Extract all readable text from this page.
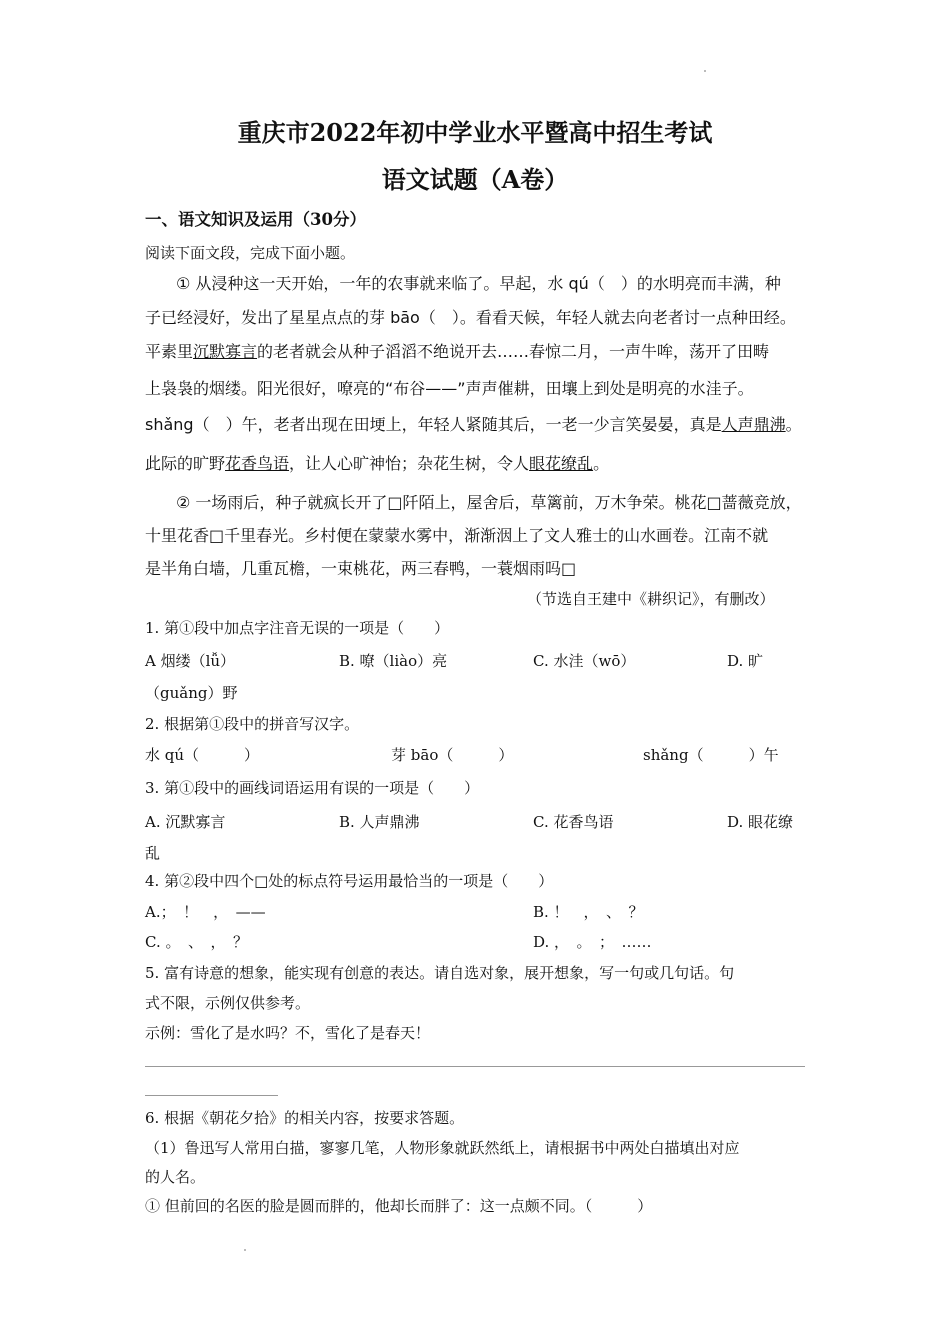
重庆市2022年初中学业水平暨高中招生考试
语文试题（A卷）
一、语文知识及运用（30分）
阅读下面文段，完成下面小题。
① 从浸种这一天开始，一年的农事就来临了。早起，水 qú（　）的水明亮而丰满，种
子已经浸好，发出了星星点点的芽 bāo（　）。看看天候，年轻人就去向老者讨一点种田经。
平素里沉默寡言的老者就会从种子滔滔不绝说开去……春惊二月，一声牛哞，荡开了田畴
上袅袅的烟缕。阳光很好，嘹亮的“布谷——”声声催耕，田壤上到处是明亮的水洼子。
shǎng（　）午，老者出现在田埂上，年轻人紧随其后，一老一少言笑晏晏，真是人声鼎沸。
此际的旷野花香鸟语，让人心旷神怡；杂花生树，令人眼花缭乱。
② 一场雨后，种子就疯长开了□阡陌上，屋舍后，草篱前，万木争荣。桃花□蔷薇竞放，
十里花香□千里春光。乡村便在蒙蒙水雾中，渐渐洇上了文人雅士的山水画卷。江南不就
是半角白墙，几重瓦檐，一束桃花，两三春鸭，一蓑烟雨吗□
（节选自王建中《耕织记》，有删改）
1. 第①段中加点字注音无误的一项是（　　）
A 烟缕（lǚ）	B. 嘹（liào）亮	C. 水洼（wō）	D. 旷
（guǎng）野
2. 根据第①段中的拼音写汉字。
水 qú（　　　）	芽 bāo（　　　）	shǎng（　　　）午
3. 第①段中的画线词语运用有误的一项是（　　）
A. 沉默寡言	B. 人声鼎沸	C. 花香鸟语	D. 眼花缭
乱
4. 第②段中四个□处的标点符号运用最恰当的一项是（　　）
A.；　！　，　——	B. ！　，　、　？
C. 。　、　，　？	D. ，　。　；　……
5. 富有诗意的想象，能实现有创意的表达。请自选对象，展开想象，写一句或几句话。句
式不限，示例仅供参考。
示例：雪化了是水吗？不，雪化了是春天！
6. 根据《朝花夕拾》的相关内容，按要求答题。
（1）鲁迅写人常用白描，寥寥几笔，人物形象就跃然纸上，请根据书中两处白描填出对应
的人名。
① 但前回的名医的脸是圆而胖的，他却长而胖了：这一点颇不同。（　　　）
